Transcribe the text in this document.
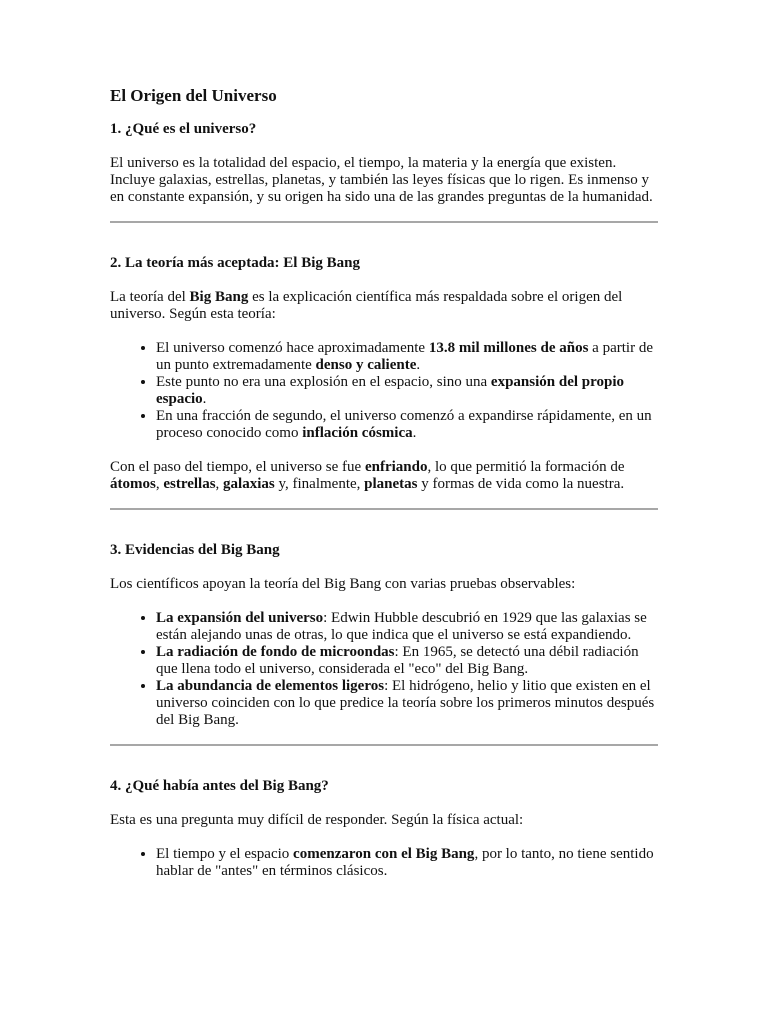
El Origen del Universo
1. ¿Qué es el universo?

El universo es la totalidad del espacio, el tiempo, la materia y la energía que existen. Incluye galaxias, estrellas, planetas, y también las leyes físicas que lo rigen. Es inmenso y en constante expansión, y su origen ha sido una de las grandes preguntas de la humanidad.

2. La teoría más aceptada: El Big Bang

La teoría del Big Bang es la explicación científica más respaldada sobre el origen del universo. Según esta teoría:

• El universo comenzó hace aproximadamente 13.8 mil millones de años a partir de un punto extremadamente denso y caliente.
• Este punto no era una explosión en el espacio, sino una expansión del propio espacio.
• En una fracción de segundo, el universo comenzó a expandirse rápidamente, en un proceso conocido como inflación cósmica.

Con el paso del tiempo, el universo se fue enfriando, lo que permitió la formación de átomos, estrellas, galaxias y, finalmente, planetas y formas de vida como la nuestra.

3. Evidencias del Big Bang

Los científicos apoyan la teoría del Big Bang con varias pruebas observables:

• La expansión del universo: Edwin Hubble descubrió en 1929 que las galaxias se están alejando unas de otras, lo que indica que el universo se está expandiendo.
• La radiación de fondo de microondas: En 1965, se detectó una débil radiación que llena todo el universo, considerada el "eco" del Big Bang.
• La abundancia de elementos ligeros: El hidrógeno, helio y litio que existen en el universo coinciden con lo que predice la teoría sobre los primeros minutos después del Big Bang.
4. ¿Qué había antes del Big Bang?

Esta es una pregunta muy difícil de responder. Según la física actual:

• El tiempo y el espacio comenzaron con el Big Bang, por lo tanto, no tiene sentido hablar de "antes" en términos clásicos.
